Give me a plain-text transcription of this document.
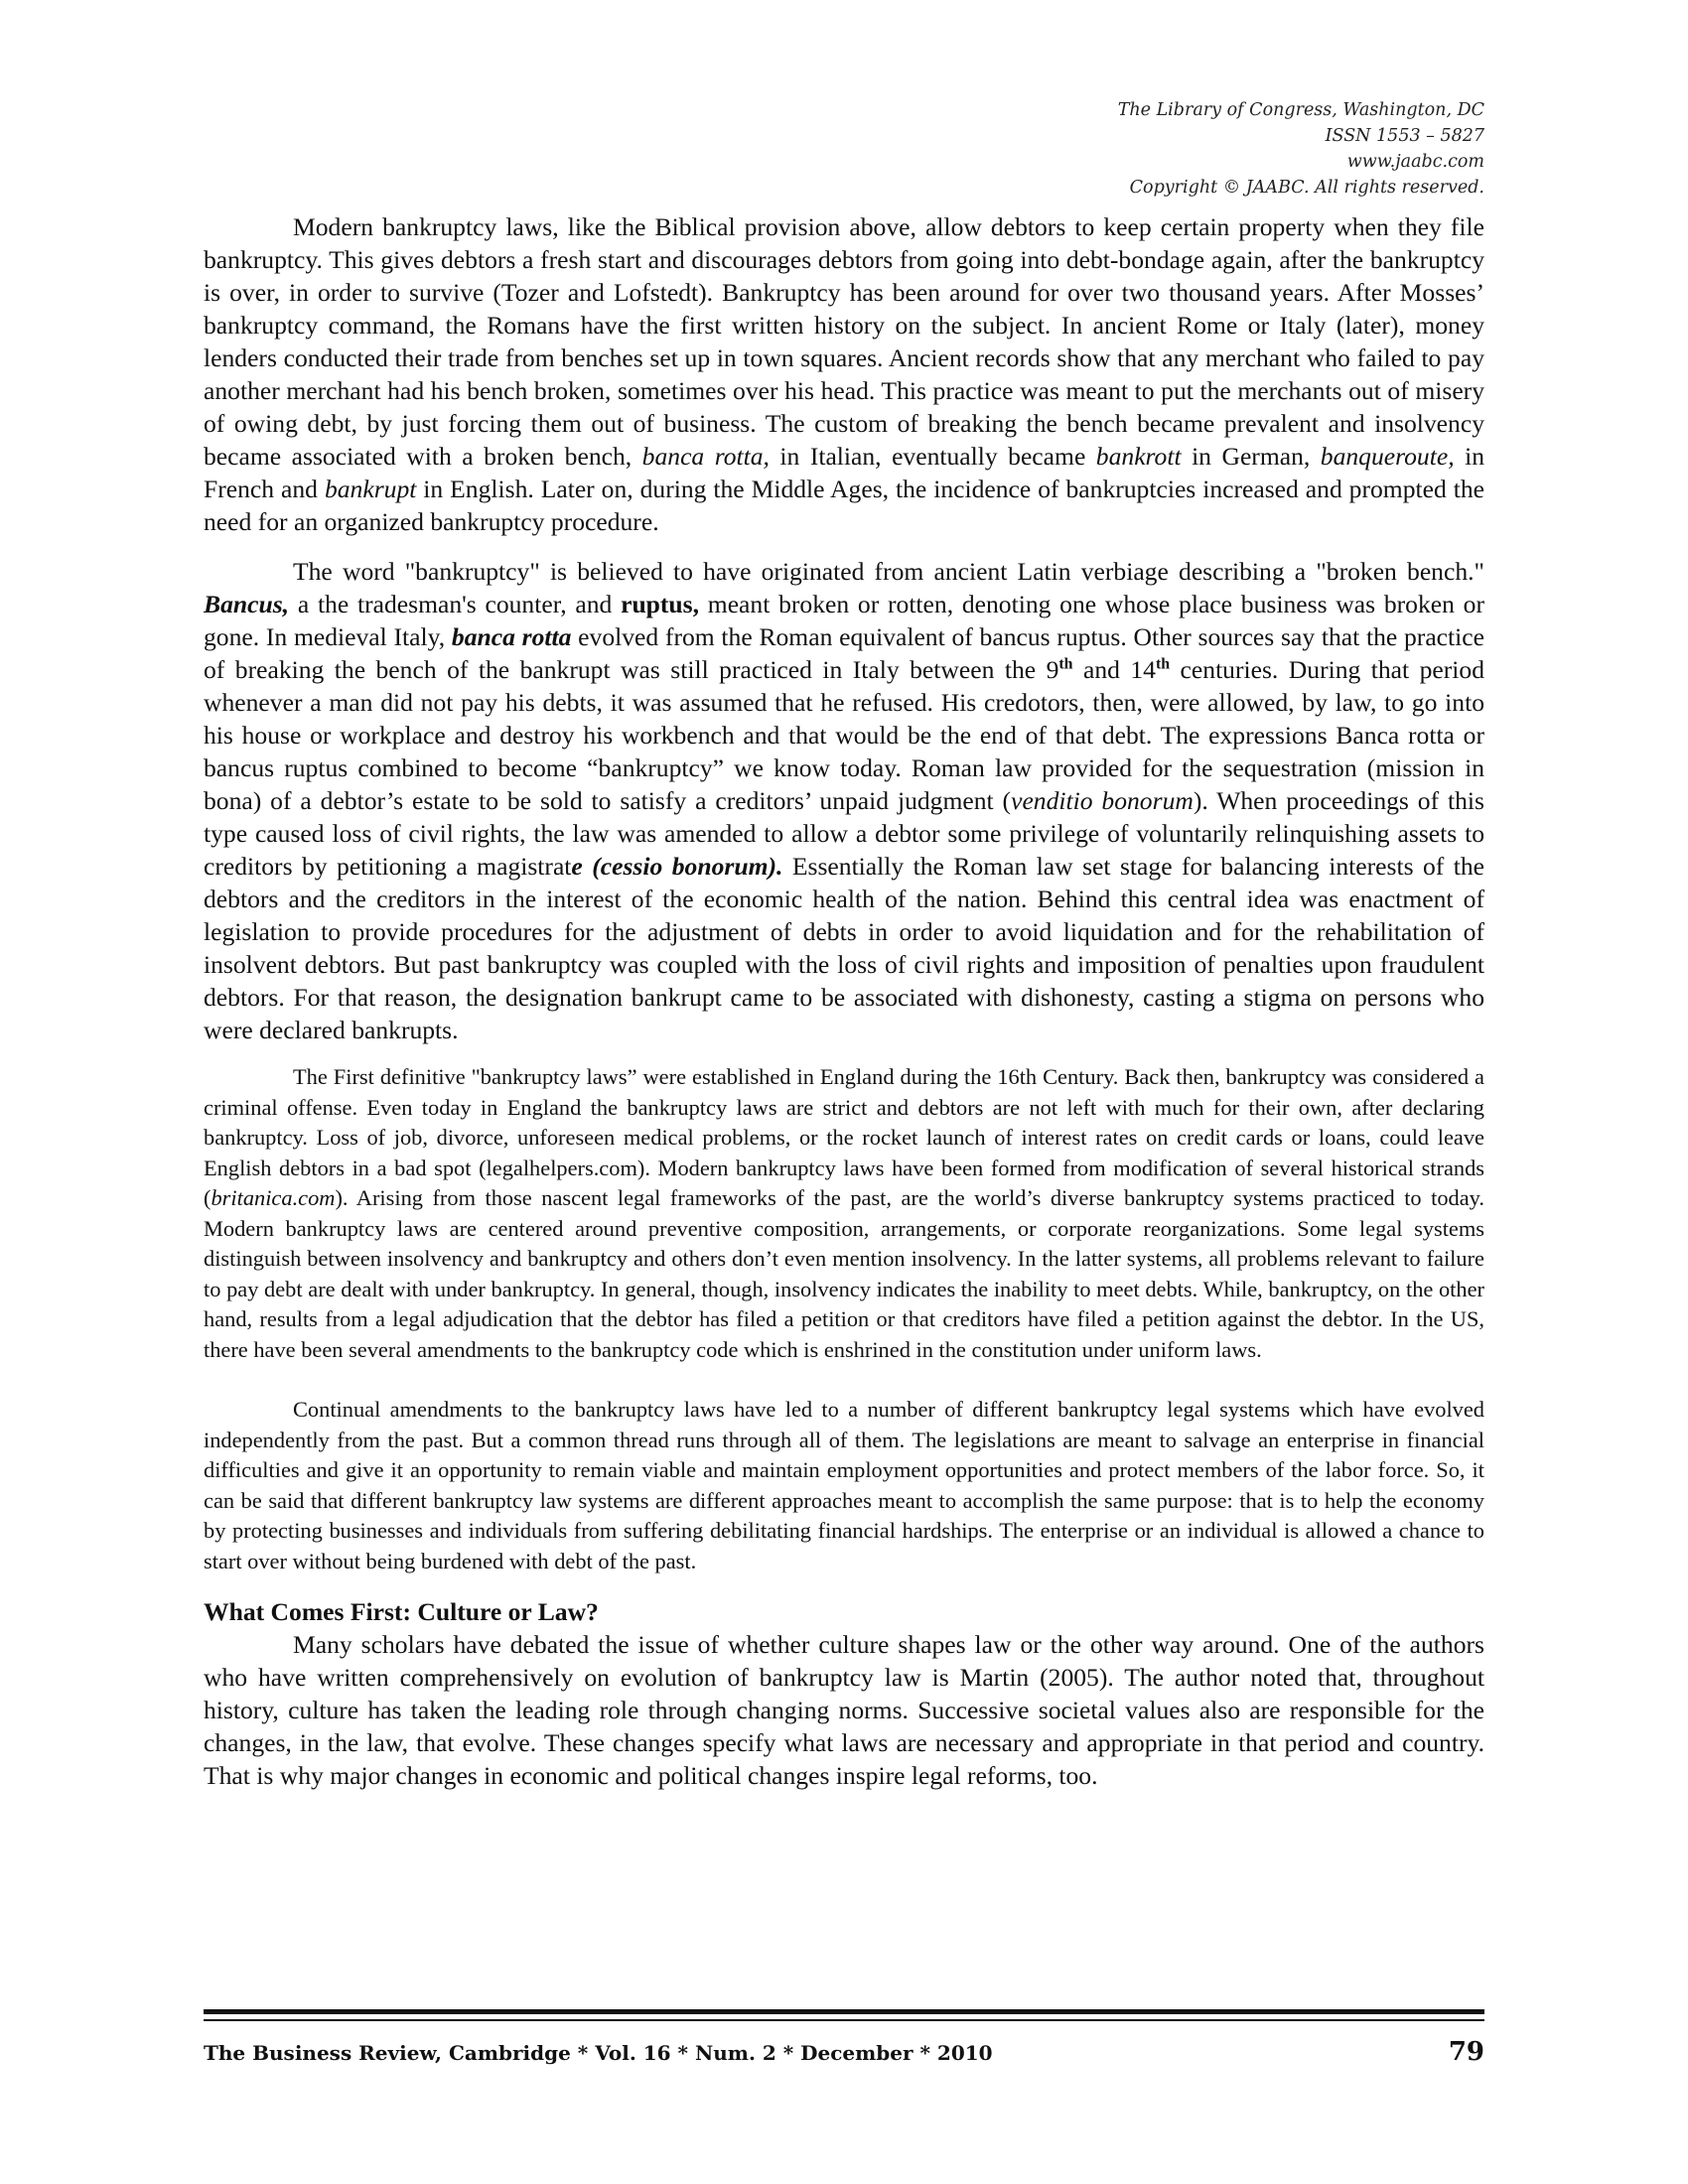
The Library of Congress, Washington, DC
ISSN 1553 – 5827
www.jaabc.com
Copyright © JAABC. All rights reserved.

Modern bankruptcy laws, like the Biblical provision above, allow debtors to keep certain property when they file bankruptcy. This gives debtors a fresh start and discourages debtors from going into debt-bondage again, after the bankruptcy is over, in order to survive (Tozer and Lofstedt). Bankruptcy has been around for over two thousand years. After Mosses’ bankruptcy command, the Romans have the first written history on the subject. In ancient Rome or Italy (later), money lenders conducted their trade from benches set up in town squares. Ancient records show that any merchant who failed to pay another merchant had his bench broken, sometimes over his head. This practice was meant to put the merchants out of misery of owing debt, by just forcing them out of business. The custom of breaking the bench became prevalent and insolvency became associated with a broken bench, banca rotta, in Italian, eventually became bankrott in German, banqueroute, in French and bankrupt in English. Later on, during the Middle Ages, the incidence of bankruptcies increased and prompted the need for an organized bankruptcy procedure.

The word "bankruptcy" is believed to have originated from ancient Latin verbiage describing a "broken bench." Bancus, a the tradesman's counter, and ruptus, meant broken or rotten, denoting one whose place business was broken or gone. In medieval Italy, banca rotta evolved from the Roman equivalent of bancus ruptus. Other sources say that the practice of breaking the bench of the bankrupt was still practiced in Italy between the 9th and 14th centuries. During that period whenever a man did not pay his debts, it was assumed that he refused. His credotors, then, were allowed, by law, to go into his house or workplace and destroy his workbench and that would be the end of that debt. The expressions Banca rotta or bancus ruptus combined to become “bankruptcy” we know today. Roman law provided for the sequestration (mission in bona) of a debtor’s estate to be sold to satisfy a creditors’ unpaid judgment (venditio bonorum). When proceedings of this type caused loss of civil rights, the law was amended to allow a debtor some privilege of voluntarily relinquishing assets to creditors by petitioning a magistrate (cessio bonorum). Essentially the Roman law set stage for balancing interests of the debtors and the creditors in the interest of the economic health of the nation. Behind this central idea was enactment of legislation to provide procedures for the adjustment of debts in order to avoid liquidation and for the rehabilitation of insolvent debtors. But past bankruptcy was coupled with the loss of civil rights and imposition of penalties upon fraudulent debtors. For that reason, the designation bankrupt came to be associated with dishonesty, casting a stigma on persons who were declared bankrupts.

The First definitive "bankruptcy laws” were established in England during the 16th Century. Back then, bankruptcy was considered a criminal offense. Even today in England the bankruptcy laws are strict and debtors are not left with much for their own, after declaring bankruptcy. Loss of job, divorce, unforeseen medical problems, or the rocket launch of interest rates on credit cards or loans, could leave English debtors in a bad spot (legalhelpers.com). Modern bankruptcy laws have been formed from modification of several historical strands (britanica.com). Arising from those nascent legal frameworks of the past, are the world’s diverse bankruptcy systems practiced to today. Modern bankruptcy laws are centered around preventive composition, arrangements, or corporate reorganizations. Some legal systems distinguish between insolvency and bankruptcy and others don’t even mention insolvency. In the latter systems, all problems relevant to failure to pay debt are dealt with under bankruptcy. In general, though, insolvency indicates the inability to meet debts. While, bankruptcy, on the other hand, results from a legal adjudication that the debtor has filed a petition or that creditors have filed a petition against the debtor. In the US, there have been several amendments to the bankruptcy code which is enshrined in the constitution under uniform laws.

Continual amendments to the bankruptcy laws have led to a number of different bankruptcy legal systems which have evolved independently from the past. But a common thread runs through all of them. The legislations are meant to salvage an enterprise in financial difficulties and give it an opportunity to remain viable and maintain employment opportunities and protect members of the labor force. So, it can be said that different bankruptcy law systems are different approaches meant to accomplish the same purpose: that is to help the economy by protecting businesses and individuals from suffering debilitating financial hardships. The enterprise or an individual is allowed a chance to start over without being burdened with debt of the past.

What Comes First: Culture or Law?

Many scholars have debated the issue of whether culture shapes law or the other way around. One of the authors who have written comprehensively on evolution of bankruptcy law is Martin (2005). The author noted that, throughout history, culture has taken the leading role through changing norms. Successive societal values also are responsible for the changes, in the law, that evolve. These changes specify what laws are necessary and appropriate in that period and country. That is why major changes in economic and political changes inspire legal reforms, too.

The Business Review, Cambridge * Vol. 16 * Num. 2 * December * 2010	79
